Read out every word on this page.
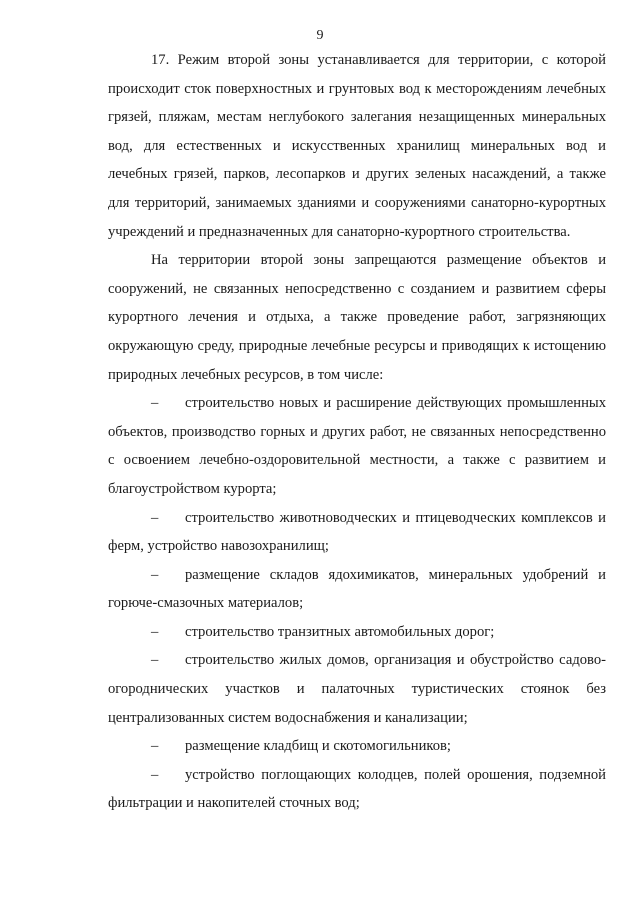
9

17. Режим второй зоны устанавливается для территории, с которой происходит сток поверхностных и грунтовых вод к месторождениям лечебных грязей, пляжам, местам неглубокого залегания незащищенных минеральных вод, для естественных и искусственных хранилищ минеральных вод и лечебных грязей, парков, лесопарков и других зеленых насаждений, а также для территорий, занимаемых зданиями и сооружениями санаторно-курортных учреждений и предназначенных для санаторно-курортного строительства.

На территории второй зоны запрещаются размещение объектов и сооружений, не связанных непосредственно с созданием и развитием сферы курортного лечения и отдыха, а также проведение работ, загрязняющих окружающую среду, природные лечебные ресурсы и приводящих к истощению природных лечебных ресурсов, в том числе:

– строительство новых и расширение действующих промышленных объектов, производство горных и других работ, не связанных непосредственно с освоением лечебно-оздоровительной местности, а также с развитием и благоустройством курорта;

– строительство животноводческих и птицеводческих комплексов и ферм, устройство навозохранилищ;

– размещение складов ядохимикатов, минеральных удобрений и горюче-смазочных материалов;

– строительство транзитных автомобильных дорог;

– строительство жилых домов, организация и обустройство садово-огороднических участков и палаточных туристических стоянок без централизованных систем водоснабжения и канализации;

– размещение кладбищ и скотомогильников;

– устройство поглощающих колодцев, полей орошения, подземной фильтрации и накопителей сточных вод;
